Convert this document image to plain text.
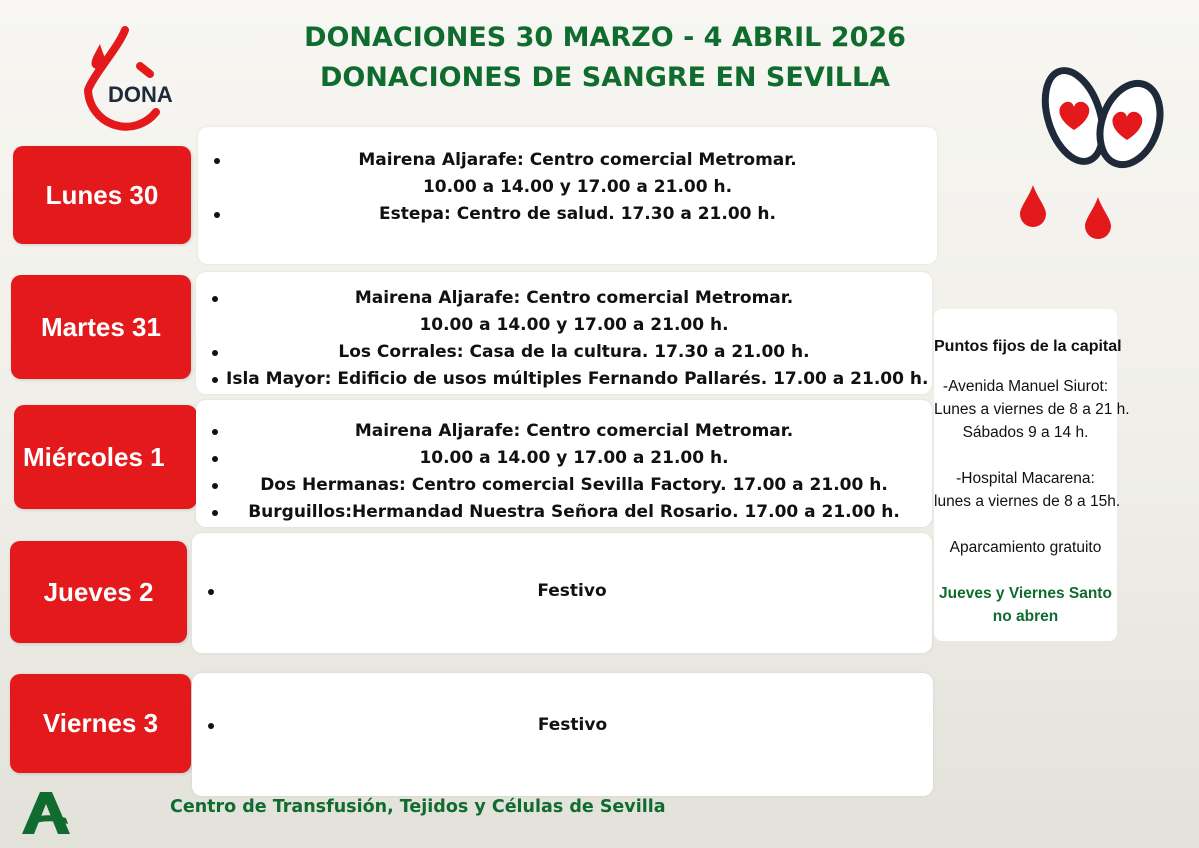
DONACIONES 30 MARZO - 4 ABRIL 2026
DONACIONES DE SANGRE EN SEVILLA
DONA
Lunes 30
Martes 31
Miércoles 1
Jueves 2
Viernes 3
Mairena Aljarafe: Centro comercial Metromar.
10.00 a 14.00 y 17.00 a 21.00 h.
Estepa: Centro de salud. 17.30 a 21.00 h.
Mairena Aljarafe: Centro comercial Metromar.
10.00 a 14.00 y 17.00 a 21.00 h.
Los Corrales: Casa de la cultura. 17.30 a 21.00 h.
Isla Mayor: Edificio de usos múltiples Fernando Pallarés. 17.00 a 21.00 h.
Mairena Aljarafe: Centro comercial Metromar.
10.00 a 14.00 y 17.00 a 21.00 h.
Dos Hermanas: Centro comercial Sevilla Factory. 17.00 a 21.00 h.
Burguillos:Hermandad Nuestra Señora del Rosario. 17.00 a 21.00 h.
Festivo
Festivo
Puntos fijos de la capital
-Avenida Manuel Siurot:
Lunes a viernes de 8 a 21 h.
Sábados 9 a 14 h.
-Hospital Macarena:
lunes a viernes de 8 a 15h.
Aparcamiento gratuito
Jueves y Viernes Santo
no abren
Centro de Transfusión, Tejidos y Células de Sevilla
